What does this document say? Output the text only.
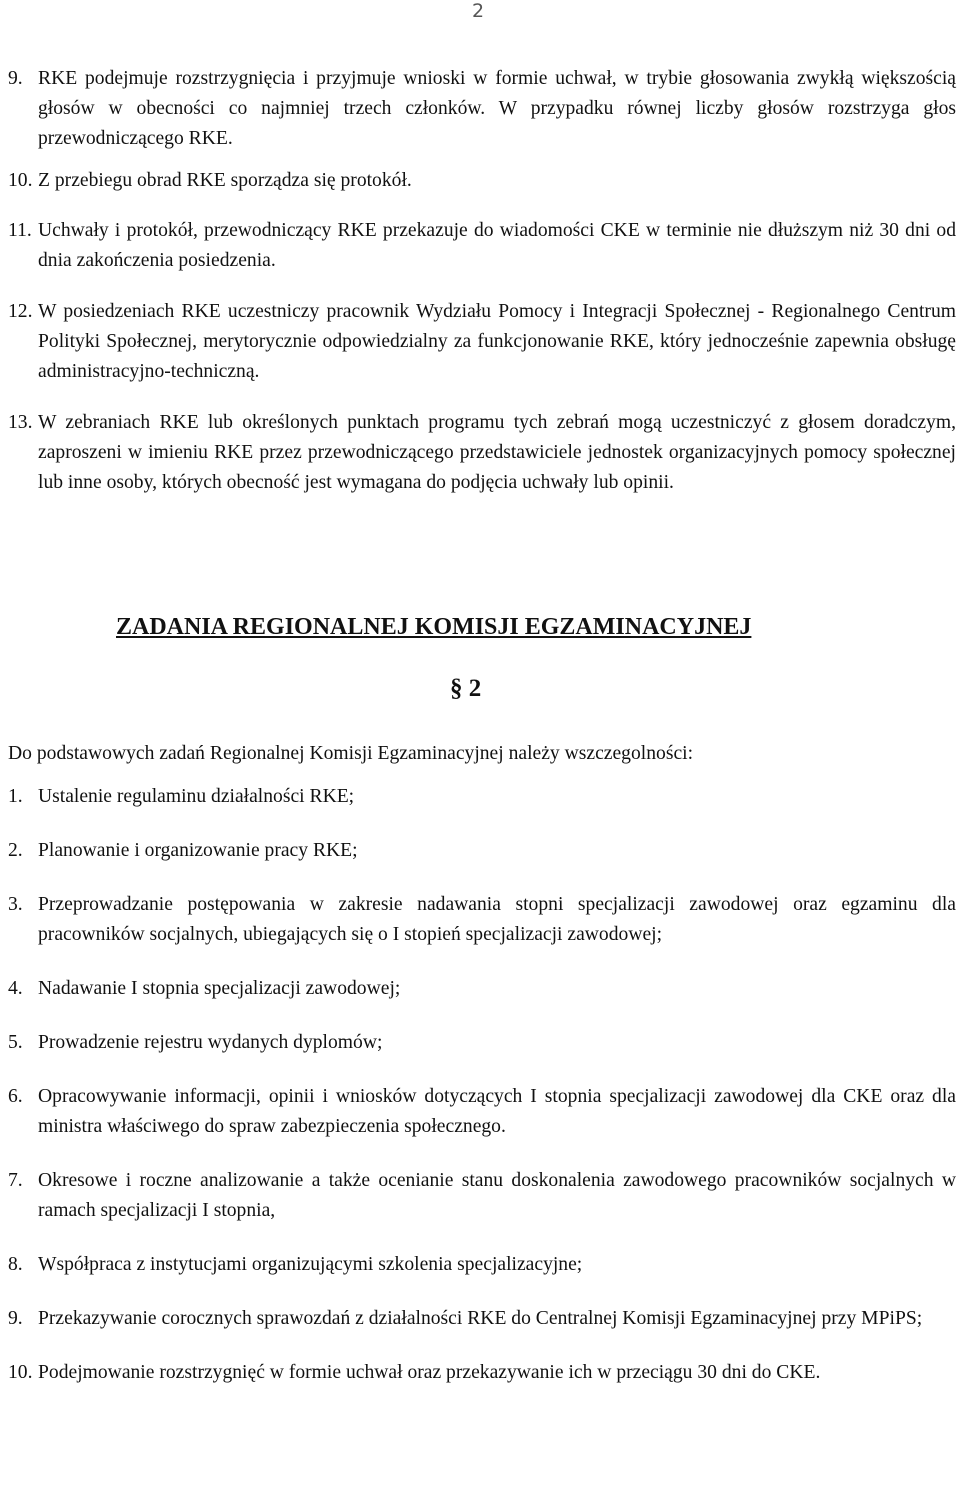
2
9. RKE podejmuje rozstrzygnięcia i przyjmuje wnioski w formie uchwał, w trybie głosowania zwykłą większością głosów w obecności co najmniej trzech członków. W przypadku równej liczby głosów rozstrzyga głos przewodniczącego RKE.
10. Z przebiegu obrad RKE sporządza się protokół.
11. Uchwały i protokół, przewodniczący RKE przekazuje do wiadomości CKE w terminie nie dłuższym niż 30 dni od dnia zakończenia posiedzenia.
12. W posiedzeniach RKE uczestniczy pracownik Wydziału Pomocy i Integracji Społecznej - Regionalnego Centrum Polityki Społecznej, merytorycznie odpowiedzialny za funkcjonowanie RKE, który jednocześnie zapewnia obsługę administracyjno-techniczną.
13. W zebraniach RKE lub określonych punktach programu tych zebrań mogą uczestniczyć z głosem doradczym, zaproszeni w imieniu RKE przez przewodniczącego przedstawiciele jednostek organizacyjnych pomocy społecznej lub inne osoby, których obecność jest wymagana do podjęcia uchwały lub opinii.
ZADANIA REGIONALNEJ KOMISJI EGZAMINACYJNEJ
§ 2

Do podstawowych zadań Regionalnej Komisji Egzaminacyjnej należy wszczegolności:

1. Ustalenie regulaminu działalności RKE;
2. Planowanie i organizowanie pracy RKE;
3. Przeprowadzanie postępowania w zakresie nadawania stopni specjalizacji zawodowej oraz egzaminu dla pracowników socjalnych, ubiegających się o I stopień specjalizacji zawodowej;
4. Nadawanie I stopnia specjalizacji zawodowej;
5. Prowadzenie rejestru wydanych dyplomów;
6. Opracowywanie informacji, opinii i wniosków dotyczących I stopnia specjalizacji zawodowej dla CKE oraz dla ministra właściwego do spraw zabezpieczenia społecznego.
7. Okresowe i roczne analizowanie a także ocenianie stanu doskonalenia zawodowego pracowników socjalnych w ramach specjalizacji I stopnia,
8. Współpraca z instytucjami organizującymi szkolenia specjalizacyjne;
9. Przekazywanie corocznych sprawozdań z działalności RKE do Centralnej Komisji Egzaminacyjnej przy MPiPS;
10. Podejmowanie rozstrzygnięć w formie uchwał oraz przekazywanie ich w przeciągu 30 dni do CKE.
